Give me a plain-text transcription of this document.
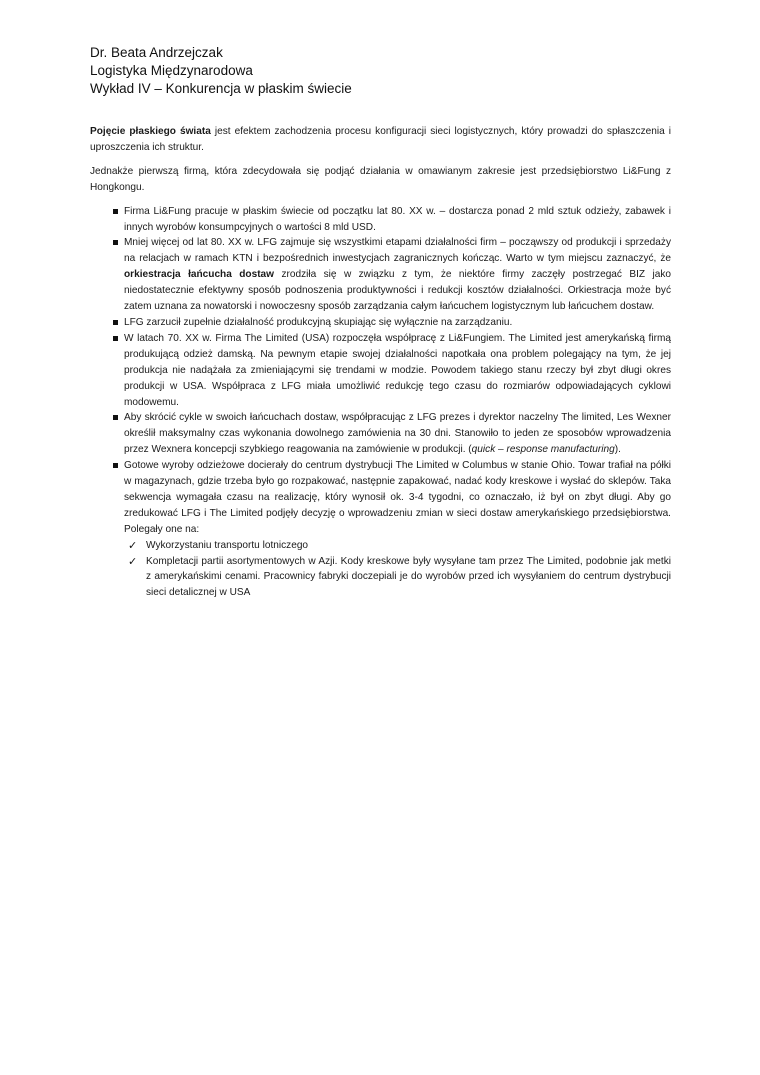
Dr. Beata Andrzejczak
Logistyka Międzynarodowa
Wykład IV – Konkurencja w płaskim świecie

Pojęcie płaskiego świata jest efektem zachodzenia procesu konfiguracji sieci logistycznych, który prowadzi do spłaszczenia i uproszczenia ich struktur.

Jednakże pierwszą firmą, która zdecydowała się podjąć działania w omawianym zakresie jest przedsiębiorstwo Li&Fung z Hongkongu.

Firma Li&Fung pracuje w płaskim świecie od początku lat 80. XX w. – dostarcza ponad 2 mld sztuk odzieży, zabawek i innych wyrobów konsumpcyjnych o wartości 8 mld USD.
Mniej więcej od lat 80. XX w. LFG zajmuje się wszystkimi etapami działalności firm – począwszy od produkcji i sprzedaży na relacjach w ramach KTN i bezpośrednich inwestycjach zagranicznych kończąc. Warto w tym miejscu zaznaczyć, że orkiestracja łańcucha dostaw zrodziła się w związku z tym, że niektóre firmy zaczęły postrzegać BIZ jako niedostatecznie efektywny sposób podnoszenia produktywności i redukcji kosztów działalności. Orkiestracja może być zatem uznana za nowatorski i nowoczesny sposób zarządzania całym łańcuchem logistycznym lub łańcuchem dostaw.
LFG zarzucił zupełnie działalność produkcyjną skupiając się wyłącznie na zarządzaniu.
W latach 70. XX w. Firma The Limited (USA) rozpoczęła współpracę z Li&Fungiem. The Limited jest amerykańską firmą produkującą odzież damską. Na pewnym etapie swojej działalności napotkała ona problem polegający na tym, że jej produkcja nie nadążała za zmieniającymi się trendami w modzie. Powodem takiego stanu rzeczy był zbyt długi okres produkcji w USA. Współpraca z LFG miała umożliwić redukcję tego czasu do rozmiarów odpowiadających cyklowi modowemu.
Aby skrócić cykle w swoich łańcuchach dostaw, współpracując z LFG prezes i dyrektor naczelny The limited, Les Wexner określił maksymalny czas wykonania dowolnego zamówienia na 30 dni. Stanowiło to jeden ze sposobów wprowadzenia przez Wexnera koncepcji szybkiego reagowania na zamówienie w produkcji. (quick – response manufacturing).
Gotowe wyroby odzieżowe docierały do centrum dystrybucji The Limited w Columbus w stanie Ohio. Towar trafiał na półki w magazynach, gdzie trzeba było go rozpakować, następnie zapakować, nadać kody kreskowe i wysłać do sklepów. Taka sekwencja wymagała czasu na realizację, który wynosił ok. 3-4 tygodni, co oznaczało, iż był on zbyt długi. Aby go zredukować LFG i The Limited podjęły decyzję o wprowadzeniu zmian w sieci dostaw amerykańskiego przedsiębiorstwa. Polegały one na:
✓ Wykorzystaniu transportu lotniczego
✓ Kompletacji partii asortymentowych w Azji. Kody kreskowe były wysyłane tam przez The Limited, podobnie jak metki z amerykańskimi cenami. Pracownicy fabryki doczepiali je do wyrobów przed ich wysyłaniem do centrum dystrybucji sieci detalicznej w USA
